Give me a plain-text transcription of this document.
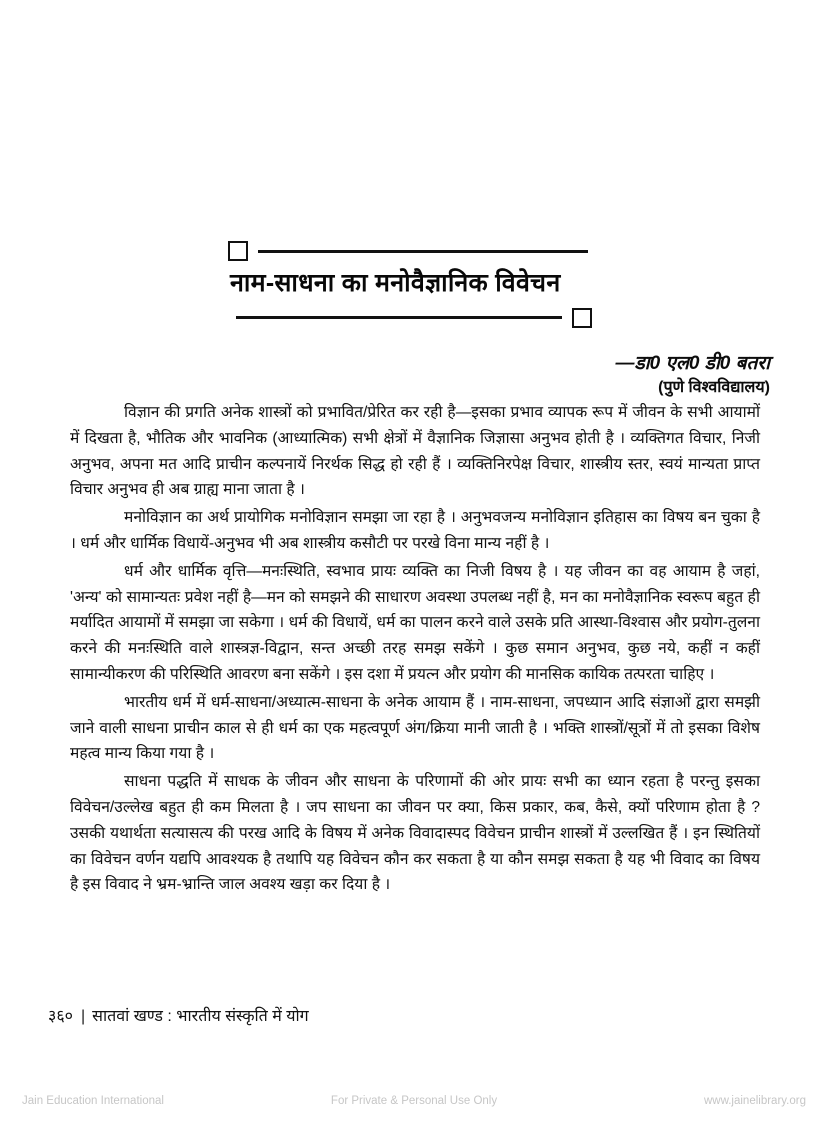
नाम-साधना का मनोवैज्ञानिक विवेचन
—डा0 एल0 डी0 बतरा
(पुणे विश्वविद्यालय)

विज्ञान की प्रगति अनेक शास्त्रों को प्रभावित/प्रेरित कर रही है—इसका प्रभाव व्यापक रूप में जीवन के सभी आयामों में दिखता है, भौतिक और भावनिक (आध्यात्मिक) सभी क्षेत्रों में वैज्ञानिक जिज्ञासा अनुभव होती है । व्यक्तिगत विचार, निजी अनुभव, अपना मत आदि प्राचीन कल्पनायें निरर्थक सिद्ध हो रही हैं । व्यक्तिनिरपेक्ष विचार, शास्त्रीय स्तर, स्वयं मान्यता प्राप्त विचार अनुभव ही अब ग्राह्य माना जाता है ।

मनोविज्ञान का अर्थ प्रायोगिक मनोविज्ञान समझा जा रहा है । अनुभवजन्य मनोविज्ञान इतिहास का विषय बन चुका है । धर्म और धार्मिक विधायें-अनुभव भी अब शास्त्रीय कसौटी पर परखे विना मान्य नहीं है ।

धर्म और धार्मिक वृत्ति—मनःस्थिति, स्वभाव प्रायः व्यक्ति का निजी विषय है । यह जीवन का वह आयाम है जहां, 'अन्य' को सामान्यतः प्रवेश नहीं है—मन को समझने की साधारण अवस्था उपलब्ध नहीं है, मन का मनोवैज्ञानिक स्वरूप बहुत ही मर्यादित आयामों में समझा जा सकेगा । धर्म की विधायें, धर्म का पालन करने वाले उसके प्रति आस्था-विश्वास और प्रयोग-तुलना करने की मनःस्थिति वाले शास्त्रज्ञ-विद्वान, सन्त अच्छी तरह समझ सकेंगे । कुछ समान अनुभव, कुछ नये, कहीं न कहीं सामान्यीकरण की परिस्थिति आवरण बना सकेंगे । इस दशा में प्रयत्न और प्रयोग की मानसिक कायिक तत्परता चाहिए ।

भारतीय धर्म में धर्म-साधना/अध्यात्म-साधना के अनेक आयाम हैं । नाम-साधना, जपध्यान आदि संज्ञाओं द्वारा समझी जाने वाली साधना प्राचीन काल से ही धर्म का एक महत्वपूर्ण अंग/क्रिया मानी जाती है । भक्ति शास्त्रों/सूत्रों में तो इसका विशेष महत्व मान्य किया गया है ।

साधना पद्धति में साधक के जीवन और साधना के परिणामों की ओर प्रायः सभी का ध्यान रहता है परन्तु इसका विवेचन/उल्लेख बहुत ही कम मिलता है । जप साधना का जीवन पर क्या, किस प्रकार, कब, कैसे, क्यों परिणाम होता है ? उसकी यथार्थता सत्यासत्य की परख आदि के विषय में अनेक विवादास्पद विवेचन प्राचीन शास्त्रों में उल्लखित हैं । इन स्थितियों का विवेचन वर्णन यद्यपि आवश्यक है तथापि यह विवेचन कौन कर सकता है या कौन समझ सकता है यह भी विवाद का विषय है इस विवाद ने भ्रम-भ्रान्ति जाल अवश्य खड़ा कर दिया है ।

३६० | सातवां खण्ड : भारतीय संस्कृति में योग
Jain Education International	For Private & Personal Use Only	www.jainelibrary.org
